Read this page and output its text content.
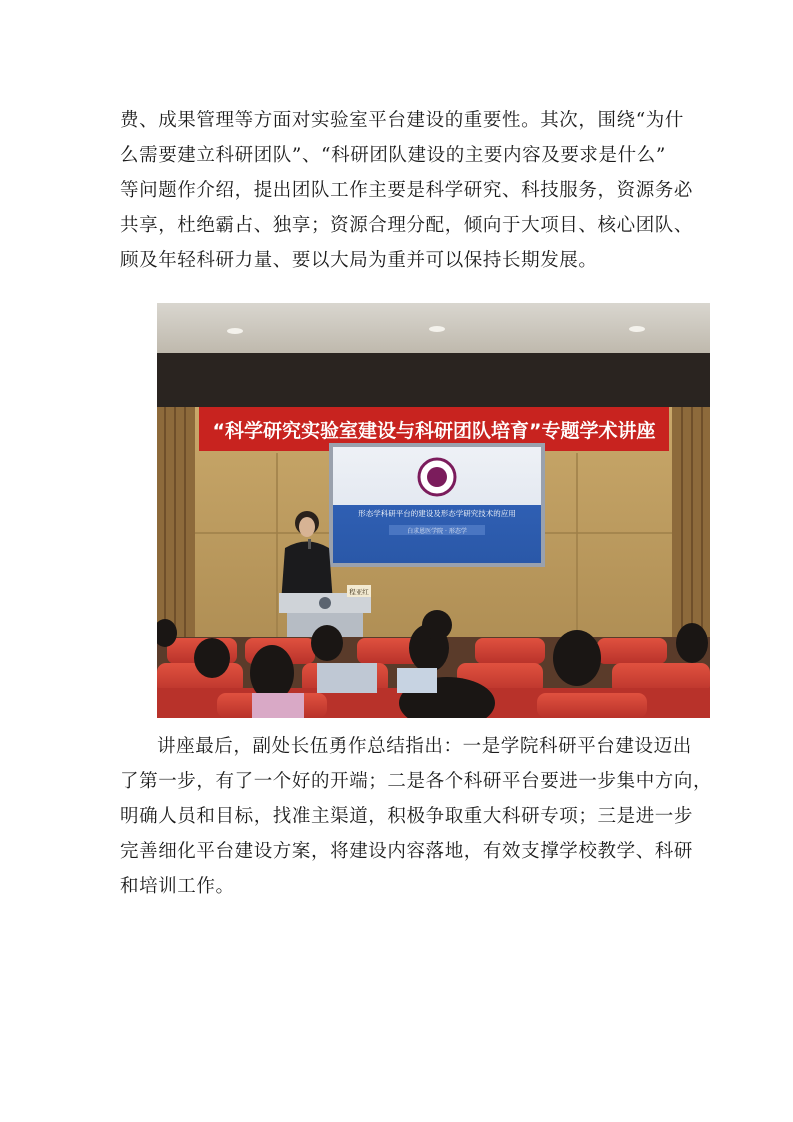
费、成果管理等方面对实验室平台建设的重要性。其次，围绕“为什
么需要建立科研团队”、“科研团队建设的主要内容及要求是什么”
等问题作介绍，提出团队工作主要是科学研究、科技服务，资源务必
共享，杜绝霸占、独享；资源合理分配，倾向于大项目、核心团队、
顾及年轻科研力量、要以大局为重并可以保持长期发展。
“科学研究实验室建设与科研团队培育”专题学术讲座
形态学科研平台的建设及形态学研究技术的应用
白求恩医学院 · 形态学
程亚红
讲座最后，副处长伍勇作总结指出：一是学院科研平台建设迈出
了第一步，有了一个好的开端；二是各个科研平台要进一步集中方向，
明确人员和目标，找准主渠道，积极争取重大科研专项；三是进一步
完善细化平台建设方案，将建设内容落地，有效支撑学校教学、科研
和培训工作。
